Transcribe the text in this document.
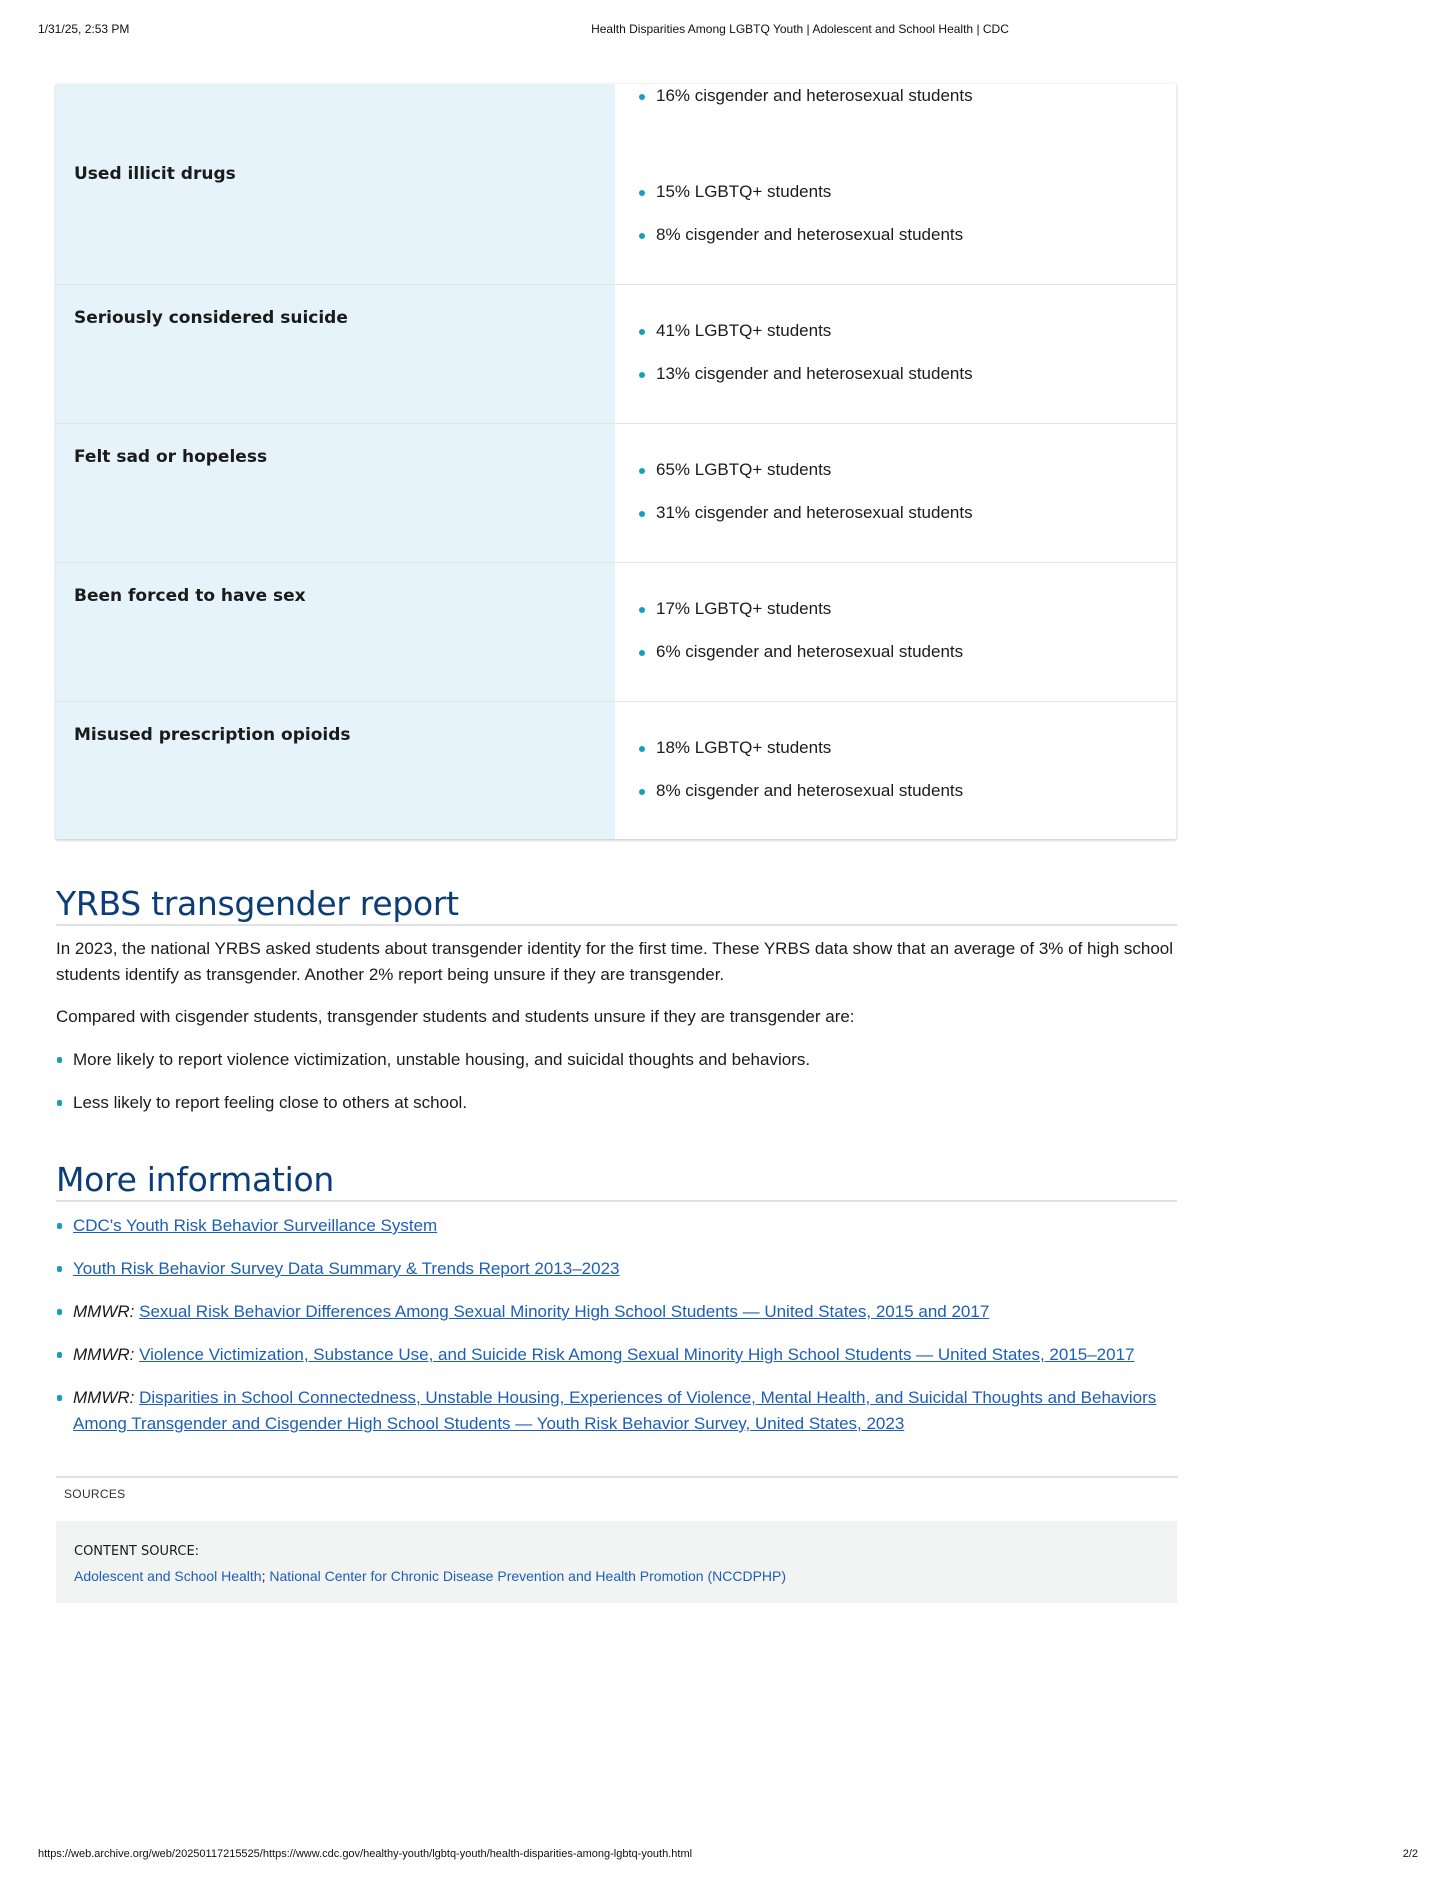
1/31/25, 2:53 PM	Health Disparities Among LGBTQ Youth | Adolescent and School Health | CDC
16% cisgender and heterosexual students
Used illicit drugs
15% LGBTQ+ students
8% cisgender and heterosexual students
Seriously considered suicide
41% LGBTQ+ students
13% cisgender and heterosexual students
Felt sad or hopeless
65% LGBTQ+ students
31% cisgender and heterosexual students
Been forced to have sex
17% LGBTQ+ students
6% cisgender and heterosexual students
Misused prescription opioids
18% LGBTQ+ students
8% cisgender and heterosexual students
YRBS transgender report
In 2023, the national YRBS asked students about transgender identity for the first time. These YRBS data show that an average of 3% of high school students identify as transgender. Another 2% report being unsure if they are transgender.
Compared with cisgender students, transgender students and students unsure if they are transgender are:
More likely to report violence victimization, unstable housing, and suicidal thoughts and behaviors.
Less likely to report feeling close to others at school.
More information
CDC's Youth Risk Behavior Surveillance System
Youth Risk Behavior Survey Data Summary & Trends Report 2013–2023
MMWR: Sexual Risk Behavior Differences Among Sexual Minority High School Students — United States, 2015 and 2017
MMWR: Violence Victimization, Substance Use, and Suicide Risk Among Sexual Minority High School Students — United States, 2015–2017
MMWR: Disparities in School Connectedness, Unstable Housing, Experiences of Violence, Mental Health, and Suicidal Thoughts and Behaviors Among Transgender and Cisgender High School Students — Youth Risk Behavior Survey, United States, 2023
SOURCES
CONTENT SOURCE:
Adolescent and School Health; National Center for Chronic Disease Prevention and Health Promotion (NCCDPHP)
https://web.archive.org/web/20250117215525/https://www.cdc.gov/healthy-youth/lgbtq-youth/health-disparities-among-lgbtq-youth.html	2/2
